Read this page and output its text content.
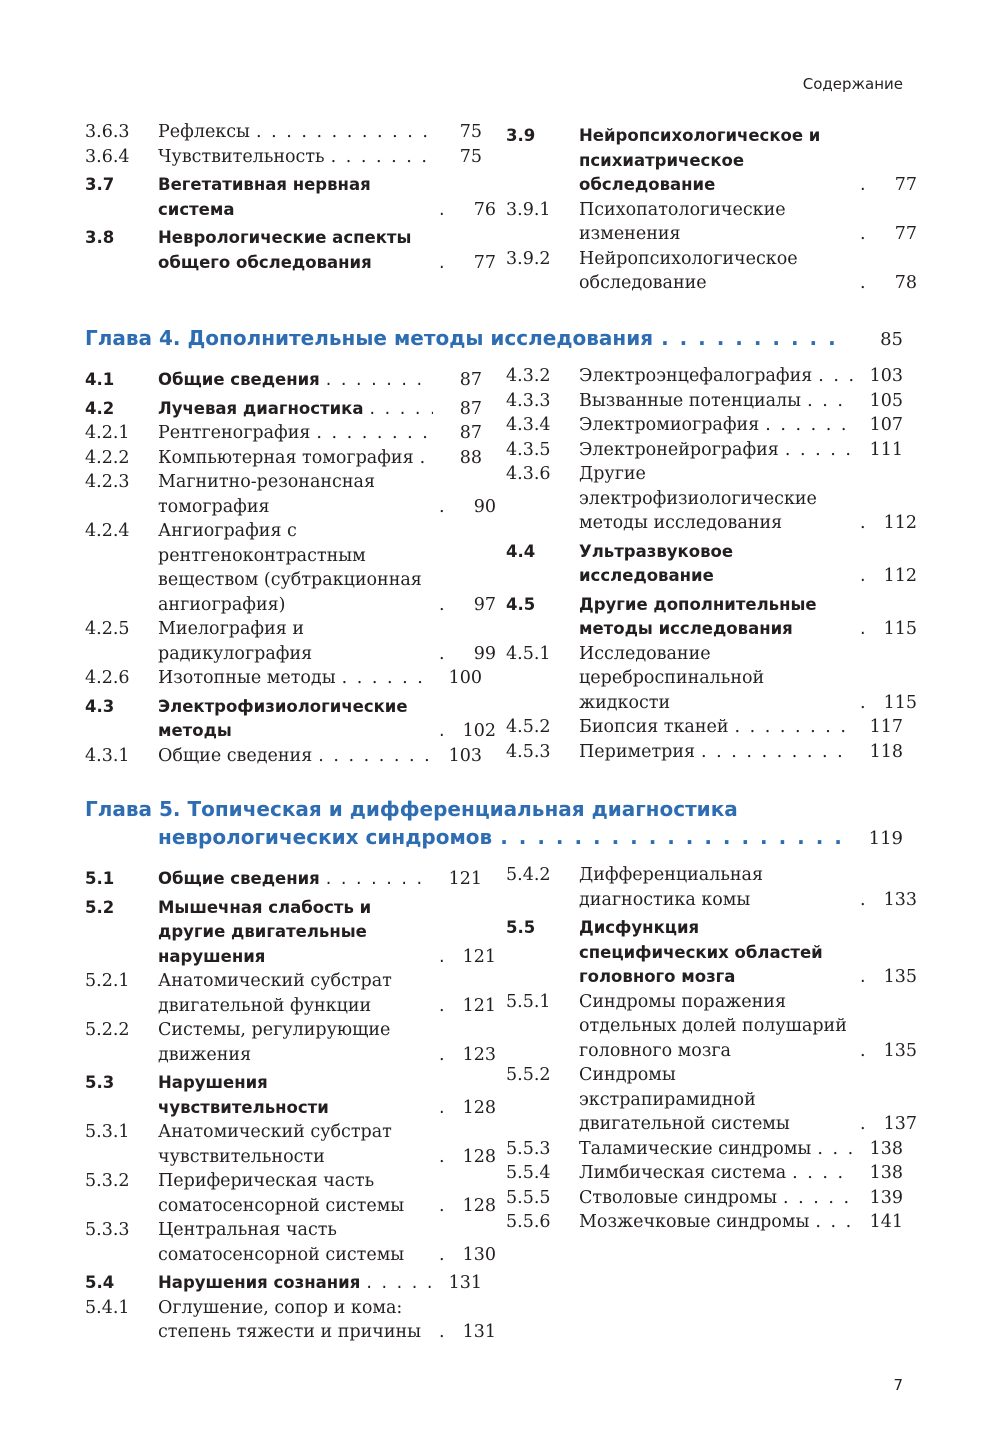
Содержание
3.6.3	Рефлексы . . .	75
3.6.4	Чувствительность . . .	75
3.7	Вегетативная нервная система . . .	76
3.8	Неврологические аспекты общего обследования . . .	77
3.9	Нейропсихологическое и психиатрическое обследование . . .	77
3.9.1	Психопатологические изменения . . .	77
3.9.2	Нейропсихологическое обследование . . .	78
Глава 4. Дополнительные методы исследования . . .	85
4.1	Общие сведения . . .	87
4.2	Лучевая диагностика . . .	87
4.2.1	Рентгенография . . .	87
4.2.2	Компьютерная томография . . .	88
4.2.3	Магнитно-резонансная томография . . .	90
4.2.4	Ангиография с рентгеноконтрастным веществом (субтракционная ангиография) . . .	97
4.2.5	Миелография и радикулография . . .	99
4.2.6	Изотопные методы . . .	100
4.3	Электрофизиологические методы . . .	102
4.3.1	Общие сведения . . .	103
4.3.2	Электроэнцефалография . . .	103
4.3.3	Вызванные потенциалы . . .	105
4.3.4	Электромиография . . .	107
4.3.5	Электронейрография . . .	111
4.3.6	Другие электрофизиологические методы исследования . . .	112
4.4	Ультразвуковое исследование . . .	112
4.5	Другие дополнительные методы исследования . . .	115
4.5.1	Исследование цереброспинальной жидкости . . .	115
4.5.2	Биопсия тканей . . .	117
4.5.3	Периметрия . . .	118
Глава 5. Топическая и дифференциальная диагностика
неврологических синдромов . . .	119
5.1	Общие сведения . . .	121
5.2	Мышечная слабость и другие двигательные нарушения . . .	121
5.2.1	Анатомический субстрат двигательной функции . . .	121
5.2.2	Системы, регулирующие движения . . .	123
5.3	Нарушения чувствительности . . .	128
5.3.1	Анатомический субстрат чувствительности . . .	128
5.3.2	Периферическая часть соматосенсорной системы . . .	128
5.3.3	Центральная часть соматосенсорной системы . . .	130
5.4	Нарушения сознания . . .	131
5.4.1	Оглушение, сопор и кома: степень тяжести и причины . . .	131
5.4.2	Дифференциальная диагностика комы . . .	133
5.5	Дисфункция специфических областей головного мозга . . .	135
5.5.1	Синдромы поражения отдельных долей полушарий головного мозга . . .	135
5.5.2	Синдромы экстрапирамидной двигательной системы . . .	137
5.5.3	Таламические синдромы . . .	138
5.5.4	Лимбическая система . . .	138
5.5.5	Стволовые синдромы . . .	139
5.5.6	Мозжечковые синдромы . . .	141
7
